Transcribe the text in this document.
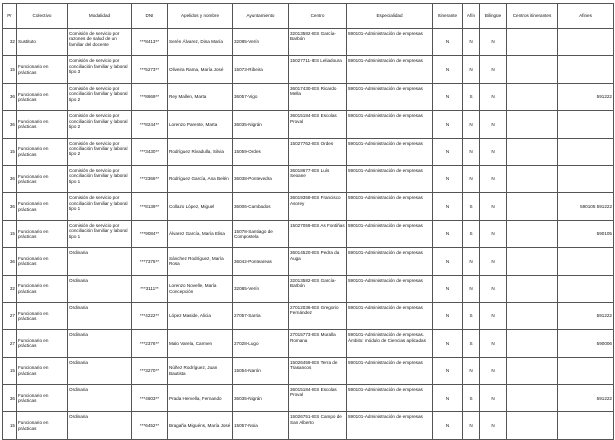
Pr	Colectivo	Modalidad	DNI	Apelidos y nombre	Ayuntamiento	Centro	Especialidad	Itinerante	Afín	Bilingüe	Centros itinerantes	Afines
32	Sustituto	Comisión de servicio por razones de salud de un familiar del docente	***8413**	Serén Álvarez, Dina María	32085-Verín	32013582-IES García-Barbón	590101-Administración de empresas	N	N	N		
15	Funcionario en prácticas	Comisión de servicio por conciliación familiar y laboral tipo 3	***5273**	Oliveira Rama, María José	15073-Ribeira	15027711-IES Leliadoura	590101-Administración de empresas	N	N	N		
36	Funcionario en prácticas	Comisión de servicio por conciliación familiar y laboral tipo 2	***8669**	Rey Mallen, Marta	36057-Vigo	36017430-IES Ricardo Mella	590101-Administración de empresas	N	S	N		591222
36	Funcionario en prácticas	Comisión de servicio por conciliación familiar y laboral tipo 2	***8244**	Lorenzo Parente, Marta	36035-Nigrán	36015184-IES Escolas Proval	590101-Administración de empresas	N	N	N		
15	Funcionario en prácticas	Comisión de servicio por conciliación familiar y laboral tipo 2	***3430**	Rodríguez Rivadulla, Silvia	15059-Ordes	15027762-IES Ordes	590101-Administración de empresas	N	N	N		
36	Funcionario en prácticas	Comisión de servicio por conciliación familiar y laboral tipo 1	***2366**	Rodríguez García, Ana Belén	36038-Pontevedra	36018677-IES Luís Seoane	590101-Administración de empresas	N	N	N		
36	Funcionario en prácticas	Comisión de servicio por conciliación familiar y laboral tipo 1	***8139**	Collazo López, Miguel	36006-Cambados	36019359-IES Francisco Asorey	590101-Administración de empresas	N	S	N		590105 591222
15	Funcionario en prácticas	Comisión de servicio por conciliación familiar y laboral tipo 1	***9084**	Álvarez García, María Elisa	15078-Santiago de Compostela	15027059-IES As Fontiñas	590101-Administración de empresas	N	S	N		590105
36	Funcionario en prácticas	Ordinaria	***7375**	Sánchez Rodríguez, María Rosa	36042-Ponteareas	36014520-IES Pedra da Auga	590101-Administración de empresas	N	N	N		
32	Funcionario en prácticas	Ordinaria	***3111**	Lorenzo Novelle, María Concepción	32085-Verín	32013582-IES García-Barbón	590101-Administración de empresas	N	N	N		
27	Funcionario en prácticas	Ordinaria	***4222**	López Maside, Alicia	27057-Sarria	27012036-IES Gregorio Fernández	590101-Administración de empresas	N	S	N		591222
27	Funcionario en prácticas	Ordinaria	***2376**	Malo Varela, Carmen	27028-Lugo	27015773-IES Muralla Romana	590101-Administración de empresas. Ámbito: módulo de Ciencias aplicadas	N	S	N		590006
15	Funcionario en prácticas	Ordinaria	***3270**	Núñez Rodríguez, Juan Bautista	15054-Narón	15026459-IES Terra de Trasancos	590101-Administración de empresas	N	N	N		
36	Funcionario en prácticas	Ordinaria	***4603**	Prada Hervella, Fernando	36035-Nigrán	36015184-IES Escolas Proval	590101-Administración de empresas	N	S	N		591222
15	Funcionario en prácticas	Ordinaria	***6452**	Bragaña Miguéns, María José	15057-Noia	15026751-IES Campo de San Alberto	590101-Administración de empresas	N	N	N		
